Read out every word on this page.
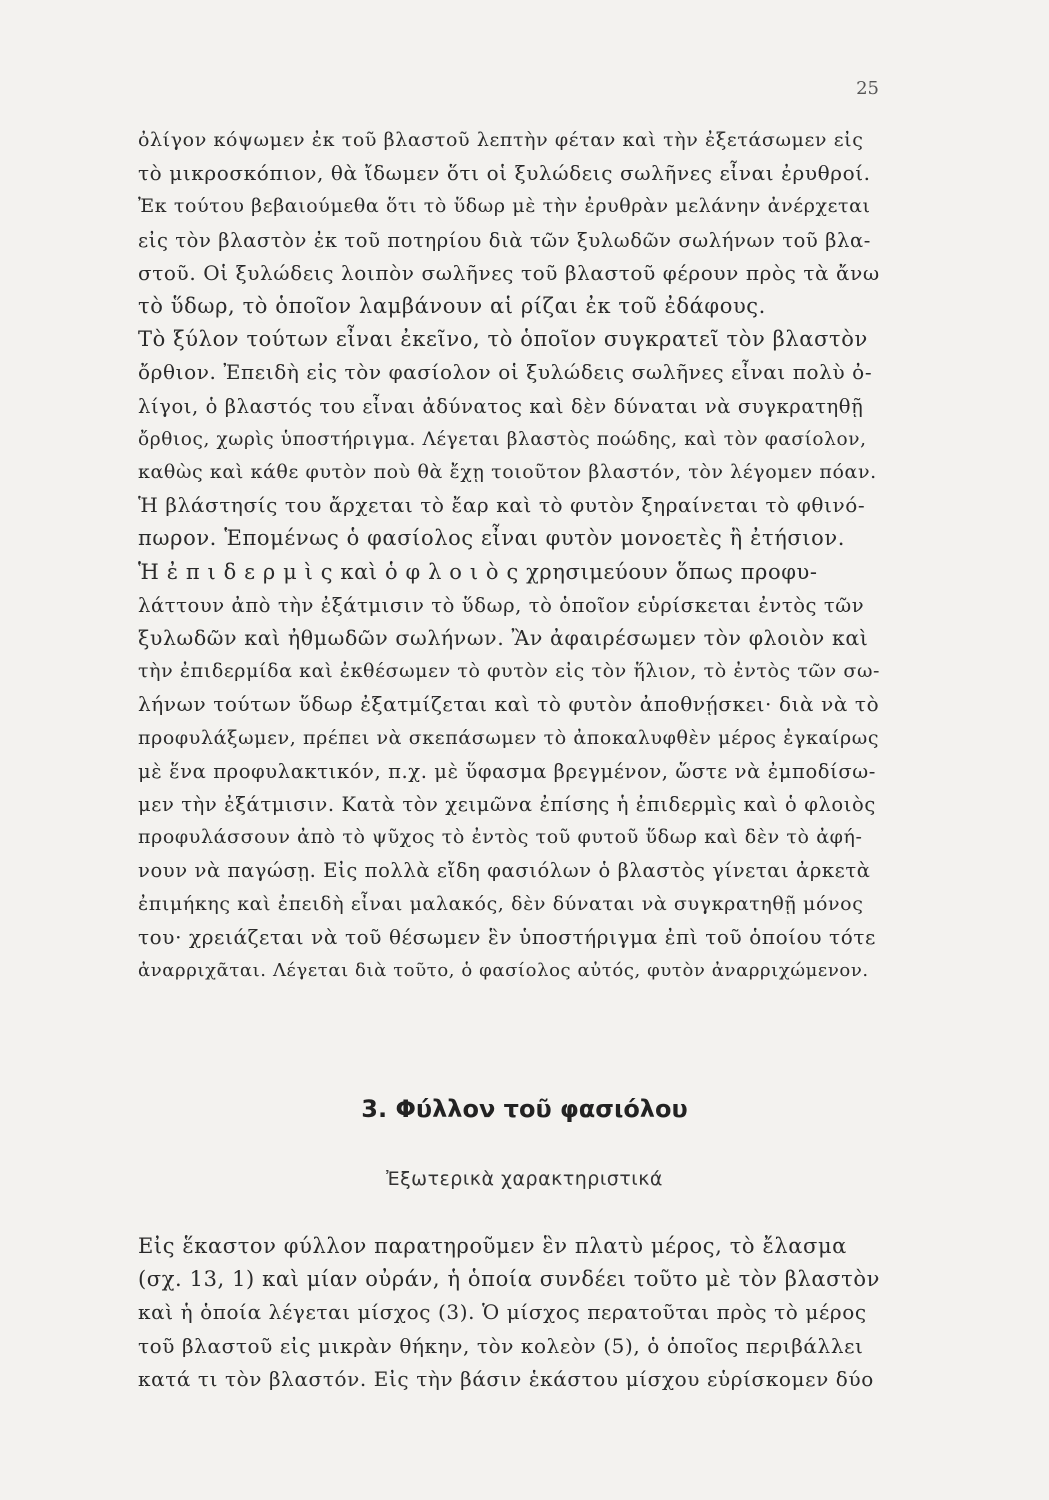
25
ὀλίγον κόψωμεν ἐκ τοῦ βλαστοῦ λεπτὴν φέταν καὶ τὴν ἐξετάσωμεν εἰς
τὸ μικροσκόπιον, θὰ ἴδωμεν ὅτι οἱ ξυλώδεις σωλῆνες εἶναι ἐρυθροί.
Ἐκ τούτου βεβαιούμεθα ὅτι τὸ ὕδωρ μὲ τὴν ἐρυθρὰν μελάνην ἀνέρχεται
εἰς τὸν βλαστὸν ἐκ τοῦ ποτηρίου διὰ τῶν ξυλωδῶν σωλήνων τοῦ βλα-
στοῦ. Οἱ ξυλώδεις λοιπὸν σωλῆνες τοῦ βλαστοῦ φέρουν πρὸς τὰ ἄνω
τὸ ὕδωρ, τὸ ὁποῖον λαμβάνουν αἱ ρίζαι ἐκ τοῦ ἐδάφους.
Τὸ ξύλον τούτων εἶναι ἐκεῖνο, τὸ ὁποῖον συγκρατεῖ τὸν βλαστὸν
ὄρθιον. Ἐπειδὴ εἰς τὸν φασίολον οἱ ξυλώδεις σωλῆνες εἶναι πολὺ ὀ-
λίγοι, ὁ βλαστός του εἶναι ἀδύνατος καὶ δὲν δύναται νὰ συγκρατηθῇ
ὄρθιος, χωρὶς ὑποστήριγμα. Λέγεται βλαστὸς ποώδης, καὶ τὸν φασίολον,
καθὼς καὶ κάθε φυτὸν ποὺ θὰ ἔχῃ τοιοῦτον βλαστόν, τὸν λέγομεν πόαν.
Ἡ βλάστησίς του ἄρχεται τὸ ἔαρ καὶ τὸ φυτὸν ξηραίνεται τὸ φθινό-
πωρον. Ἑπομένως ὁ φασίολος εἶναι φυτὸν μονοετὲς ἢ ἐτήσιον.
Ἡ ἐ π ι δ ε ρ μ ὶ ς καὶ ὁ φ λ ο ι ὸ ς χρησιμεύουν ὅπως προφυ-
λάττουν ἀπὸ τὴν ἐξάτμισιν τὸ ὕδωρ, τὸ ὁποῖον εὑρίσκεται ἐντὸς τῶν
ξυλωδῶν καὶ ἠθμωδῶν σωλήνων. Ἂν ἀφαιρέσωμεν τὸν φλοιὸν καὶ
τὴν ἐπιδερμίδα καὶ ἐκθέσωμεν τὸ φυτὸν εἰς τὸν ἥλιον, τὸ ἐντὸς τῶν σω-
λήνων τούτων ὕδωρ ἐξατμίζεται καὶ τὸ φυτὸν ἀποθνῄσκει· διὰ νὰ τὸ
προφυλάξωμεν, πρέπει νὰ σκεπάσωμεν τὸ ἀποκαλυφθὲν μέρος ἐγκαίρως
μὲ ἕνα προφυλακτικόν, π.χ. μὲ ὕφασμα βρεγμένον, ὥστε νὰ ἐμποδίσω-
μεν τὴν ἐξάτμισιν. Κατὰ τὸν χειμῶνα ἐπίσης ἡ ἐπιδερμὶς καὶ ὁ φλοιὸς
προφυλάσσουν ἀπὸ τὸ ψῦχος τὸ ἐντὸς τοῦ φυτοῦ ὕδωρ καὶ δὲν τὸ ἀφή-
νουν νὰ παγώσῃ. Εἰς πολλὰ εἴδη φασιόλων ὁ βλαστὸς γίνεται ἀρκετὰ
ἐπιμήκης καὶ ἐπειδὴ εἶναι μαλακός, δὲν δύναται νὰ συγκρατηθῇ μόνος
του· χρειάζεται νὰ τοῦ θέσωμεν ἓν ὑποστήριγμα ἐπὶ τοῦ ὁποίου τότε
ἀναρριχᾶται. Λέγεται διὰ τοῦτο, ὁ φασίολος αὐτός, φυτὸν ἀναρριχώμενον.
3. Φύλλον τοῦ φασιόλου
Ἐξωτερικὰ χαρακτηριστικά
Εἰς ἕκαστον φύλλον παρατηροῦμεν ἓν πλατὺ μέρος, τὸ ἔλασμα
(σχ. 13, 1) καὶ μίαν οὐράν, ἡ ὁποία συνδέει τοῦτο μὲ τὸν βλαστὸν
καὶ ἡ ὁποία λέγεται μίσχος (3). Ὁ μίσχος περατοῦται πρὸς τὸ μέρος
τοῦ βλαστοῦ εἰς μικρὰν θήκην, τὸν κολεὸν (5), ὁ ὁποῖος περιβάλλει
κατά τι τὸν βλαστόν. Εἰς τὴν βάσιν ἑκάστου μίσχου εὑρίσκομεν δύο
